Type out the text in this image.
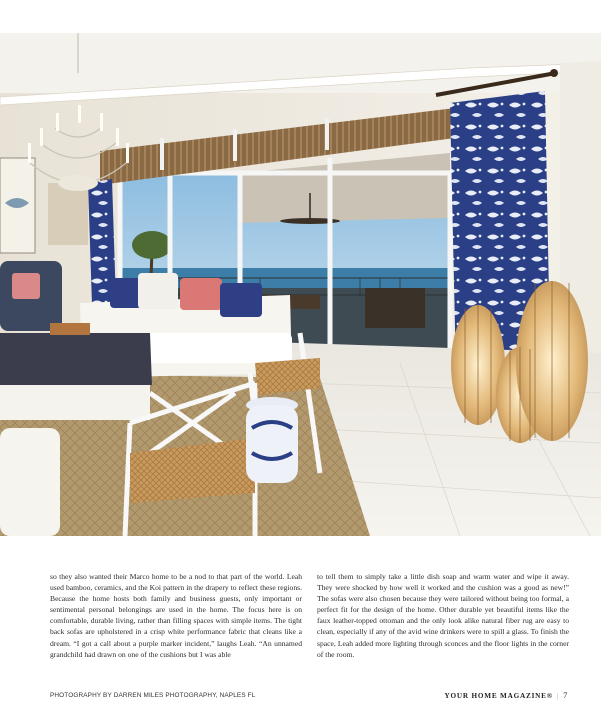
so they also wanted their Marco home to be a nod to that part of the world. Leah used bamboo, ceramics, and the Koi pattern in the drapery to reflect these regions. Because the home hosts both family and business guests, only important or sentimental personal belongings are used in the home. The focus here is on comfortable, durable living, rather than filling spaces with simple items. The tight back sofas are upholstered in a crisp white performance fabric that cleans like a dream. “I got a call about a purple marker incident,” laughs Leah. “An unnamed grandchild had drawn on one of the cushions but I was able
to tell them to simply take a little dish soap and warm water and wipe it away. They were shocked by how well it worked and the cushion was a good as new!” The sofas were also chosen because they were tailored without being too formal, a perfect fit for the design of the home. Other durable yet beautiful items like the faux leather-topped ottoman and the only look alike natural fiber rug are easy to clean, especially if any of the avid wine drinkers were to spill a glass. To finish the space, Leah added more lighting through sconces and the floor lights in the corner of the room.
PHOTOGRAPHY BY DARREN MILES PHOTOGRAPHY, NAPLES FL	YOUR HOME MAGAZINE® | 7
